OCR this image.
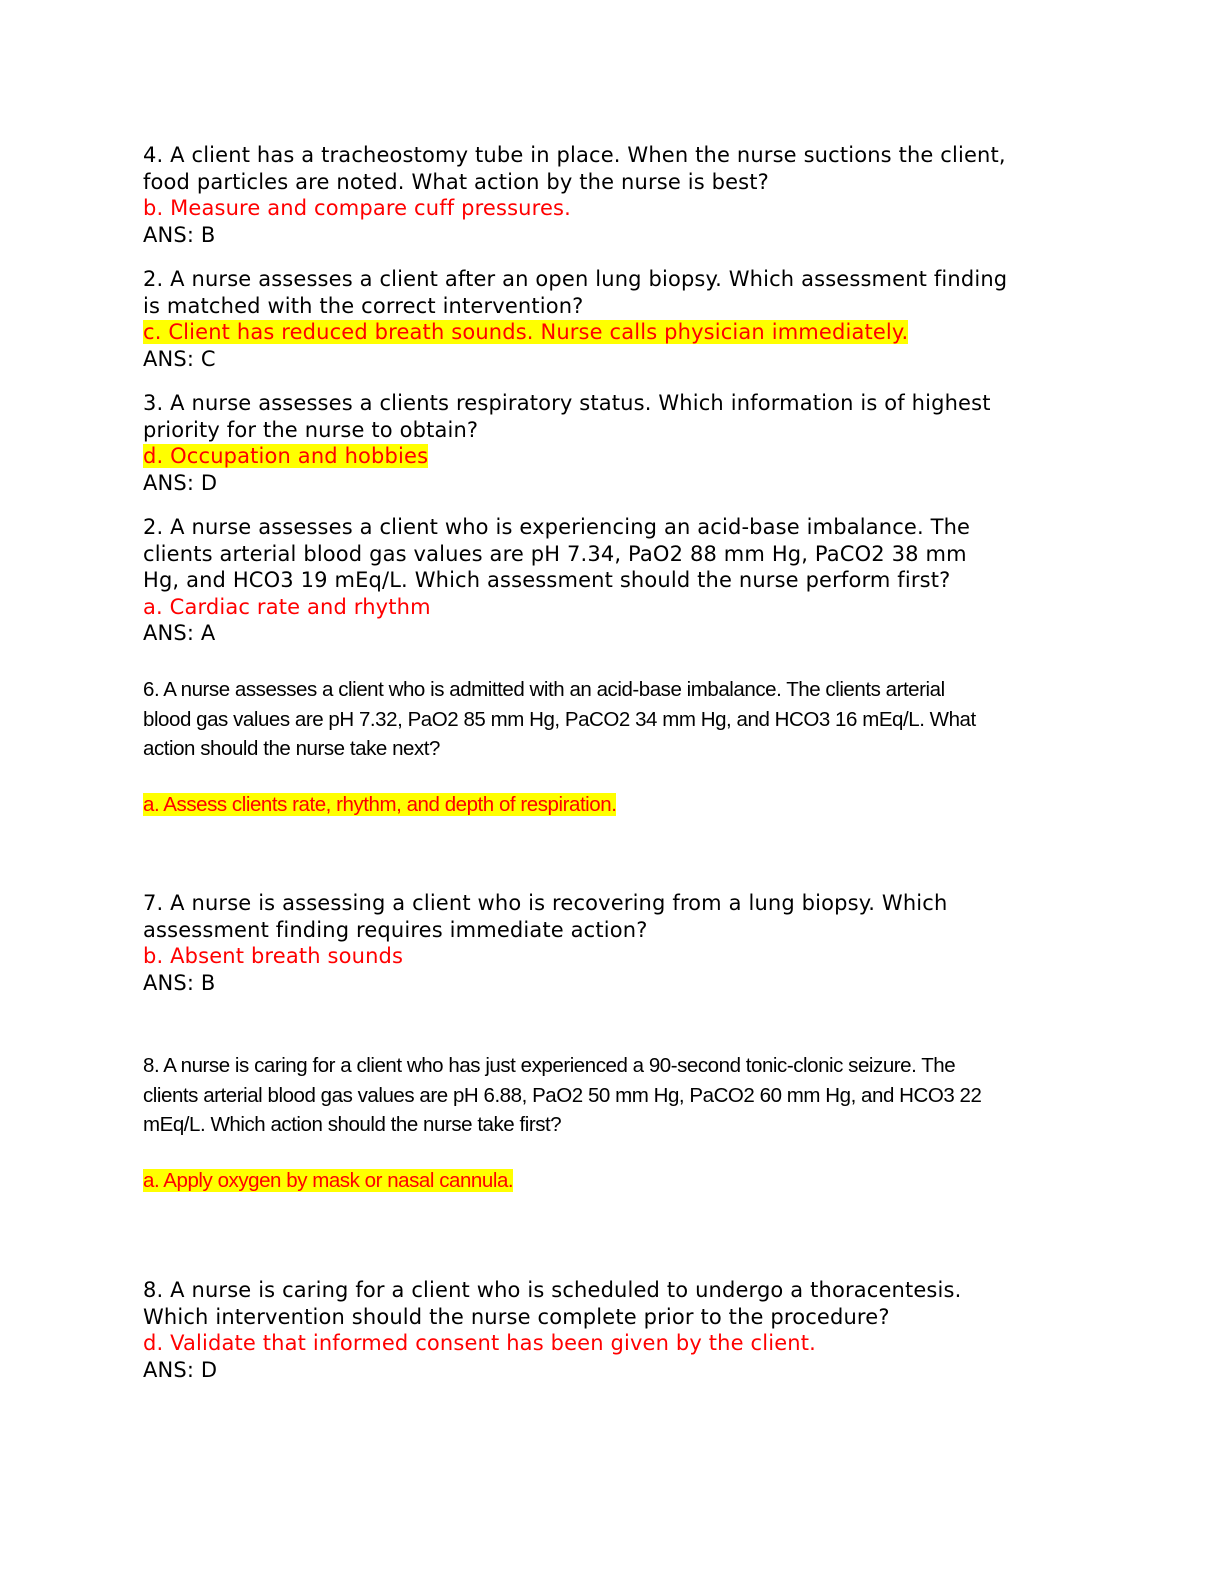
4. A client has a tracheostomy tube in place. When the nurse suctions the client,
food particles are noted. What action by the nurse is best?
b. Measure and compare cuff pressures.
ANS: B
2. A nurse assesses a client after an open lung biopsy. Which assessment finding
is matched with the correct intervention?
c. Client has reduced breath sounds. Nurse calls physician immediately.
ANS: C
3. A nurse assesses a clients respiratory status. Which information is of highest
priority for the nurse to obtain?
d. Occupation and hobbies
ANS: D
2. A nurse assesses a client who is experiencing an acid-base imbalance. The
clients arterial blood gas values are pH 7.34, PaO2 88 mm Hg, PaCO2 38 mm
Hg, and HCO3 19 mEq/L. Which assessment should the nurse perform first?
a. Cardiac rate and rhythm
ANS: A
6. A nurse assesses a client who is admitted with an acid-base imbalance. The clients arterial
blood gas values are pH 7.32, PaO2 85 mm Hg, PaCO2 34 mm Hg, and HCO3 16 mEq/L. What
action should the nurse take next?
a. Assess clients rate, rhythm, and depth of respiration.
7. A nurse is assessing a client who is recovering from a lung biopsy. Which
assessment finding requires immediate action?
b. Absent breath sounds
ANS: B
8. A nurse is caring for a client who has just experienced a 90-second tonic-clonic seizure. The
clients arterial blood gas values are pH 6.88, PaO2 50 mm Hg, PaCO2 60 mm Hg, and HCO3 22
mEq/L. Which action should the nurse take first?
a. Apply oxygen by mask or nasal cannula.
8. A nurse is caring for a client who is scheduled to undergo a thoracentesis.
Which intervention should the nurse complete prior to the procedure?
d. Validate that informed consent has been given by the client.
ANS: D
